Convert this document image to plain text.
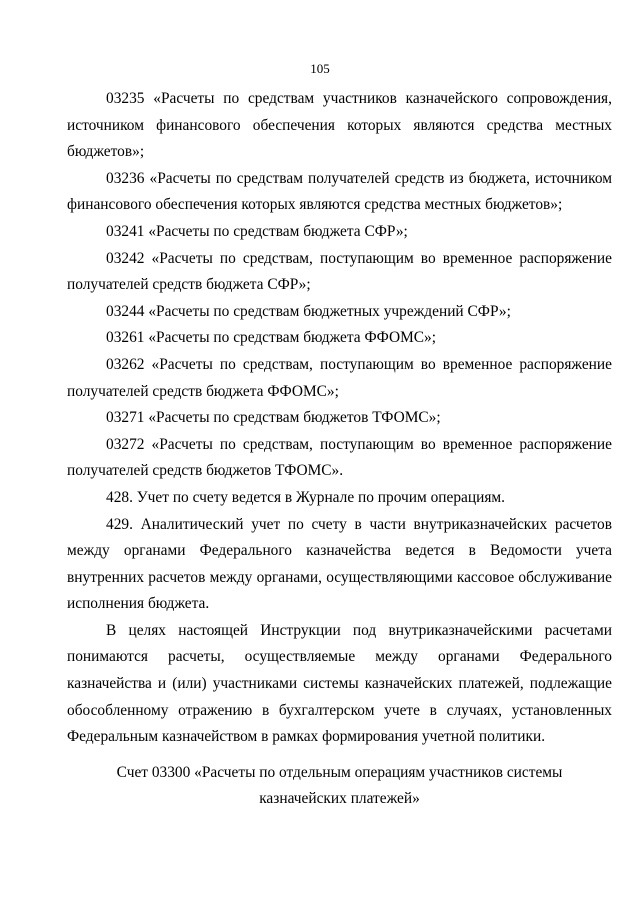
105

03235 «Расчеты по средствам участников казначейского сопровождения, источником финансового обеспечения которых являются средства местных бюджетов»;

03236 «Расчеты по средствам получателей средств из бюджета, источником финансового обеспечения которых являются средства местных бюджетов»;

03241 «Расчеты по средствам бюджета СФР»;

03242 «Расчеты по средствам, поступающим во временное распоряжение получателей средств бюджета СФР»;

03244 «Расчеты по средствам бюджетных учреждений СФР»;

03261 «Расчеты по средствам бюджета ФФОМС»;

03262 «Расчеты по средствам, поступающим во временное распоряжение получателей средств бюджета ФФОМС»;

03271 «Расчеты по средствам бюджетов ТФОМС»;

03272 «Расчеты по средствам, поступающим во временное распоряжение получателей средств бюджетов ТФОМС».

428. Учет по счету ведется в Журнале по прочим операциям.

429. Аналитический учет по счету в части внутриказначейских расчетов между органами Федерального казначейства ведется в Ведомости учета внутренних расчетов между органами, осуществляющими кассовое обслуживание исполнения бюджета.

В целях настоящей Инструкции под внутриказначейскими расчетами понимаются расчеты, осуществляемые между органами Федерального казначейства и (или) участниками системы казначейских платежей, подлежащие обособленному отражению в бухгалтерском учете в случаях, установленных Федеральным казначейством в рамках формирования учетной политики.

Счет 03300 «Расчеты по отдельным операциям участников системы
казначейских платежей»
